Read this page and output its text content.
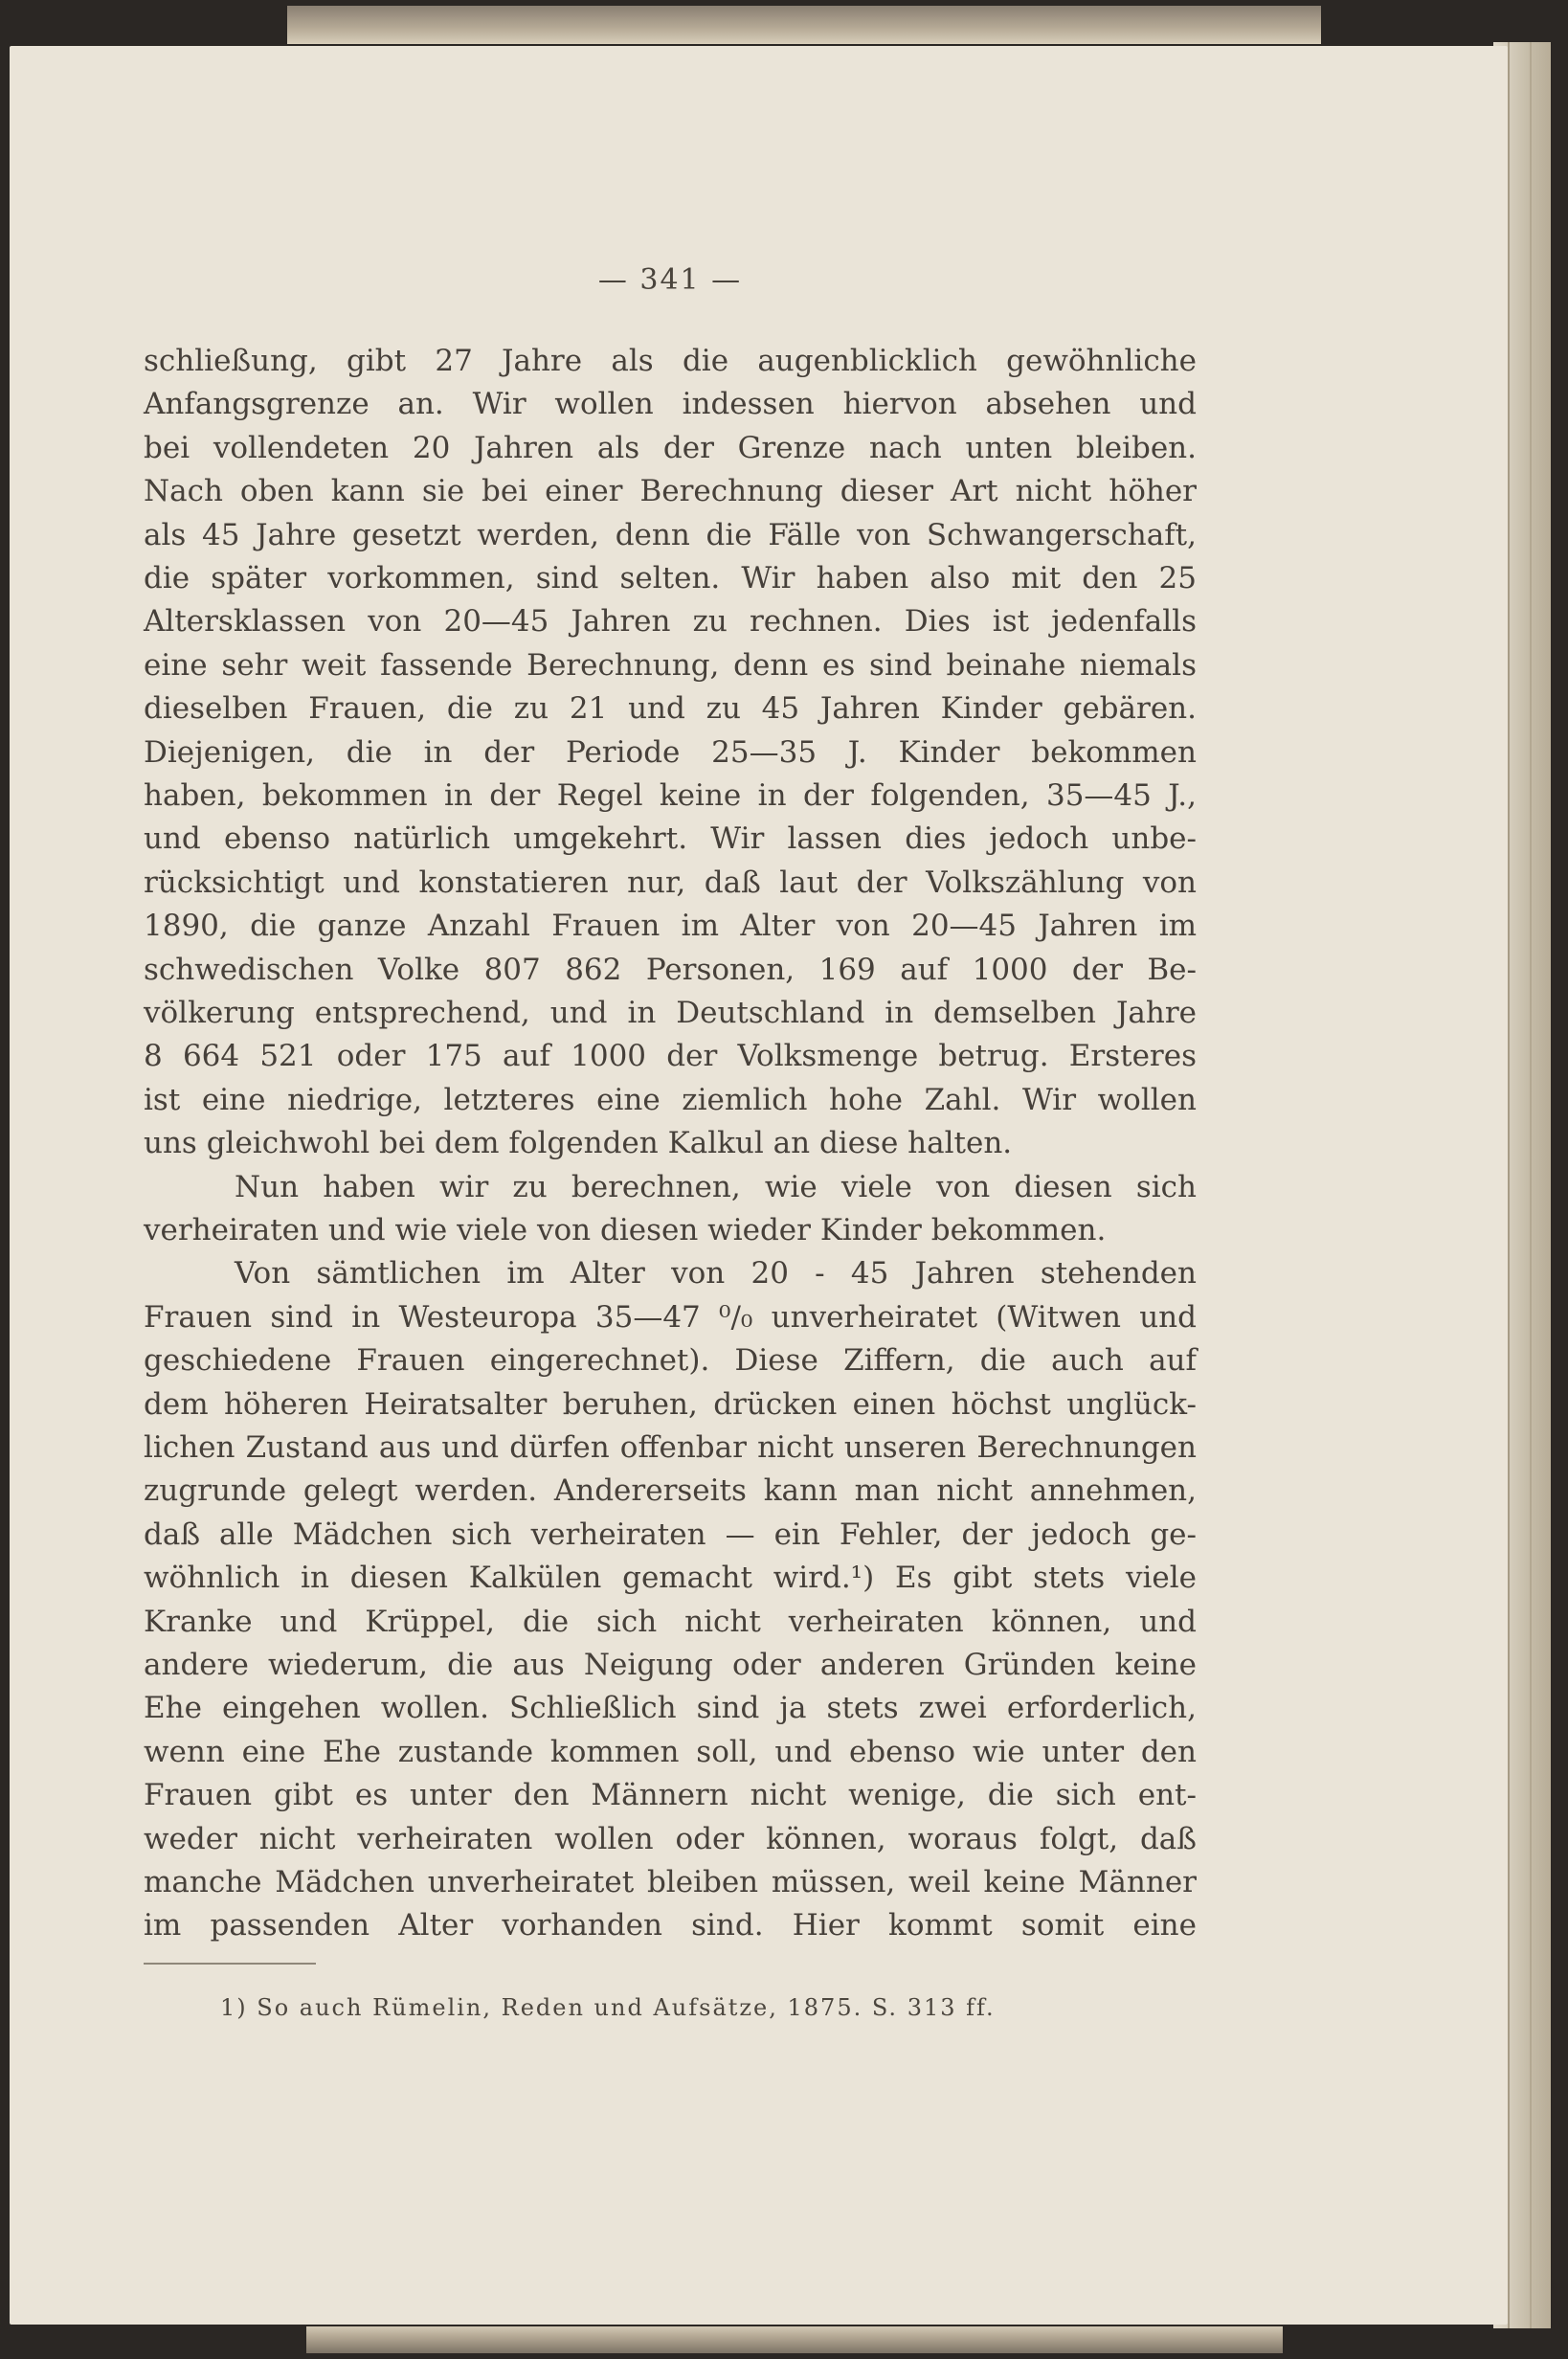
— 341 —
schließung, gibt 27 Jahre als die augenblicklich gewöhnliche
Anfangsgrenze an. Wir wollen indessen hiervon absehen und
bei vollendeten 20 Jahren als der Grenze nach unten bleiben.
Nach oben kann sie bei einer Berechnung dieser Art nicht höher
als 45 Jahre gesetzt werden, denn die Fälle von Schwangerschaft,
die später vorkommen, sind selten. Wir haben also mit den 25
Altersklassen von 20—45 Jahren zu rechnen. Dies ist jedenfalls
eine sehr weit fassende Berechnung, denn es sind beinahe niemals
dieselben Frauen, die zu 21 und zu 45 Jahren Kinder gebären.
Diejenigen, die in der Periode 25—35 J. Kinder bekommen
haben, bekommen in der Regel keine in der folgenden, 35—45 J.,
und ebenso natürlich umgekehrt. Wir lassen dies jedoch unbe-
rücksichtigt und konstatieren nur, daß laut der Volkszählung von
1890, die ganze Anzahl Frauen im Alter von 20—45 Jahren im
schwedischen Volke 807 862 Personen, 169 auf 1000 der Be-
völkerung entsprechend, und in Deutschland in demselben Jahre
8 664 521 oder 175 auf 1000 der Volksmenge betrug. Ersteres
ist eine niedrige, letzteres eine ziemlich hohe Zahl. Wir wollen
uns gleichwohl bei dem folgenden Kalkul an diese halten.
Nun haben wir zu berechnen, wie viele von diesen sich
verheiraten und wie viele von diesen wieder Kinder bekommen.
Von sämtlichen im Alter von 20 - 45 Jahren stehenden
Frauen sind in Westeuropa 35—47 ⁰/₀ unverheiratet (Witwen und
geschiedene Frauen eingerechnet). Diese Ziffern, die auch auf
dem höheren Heiratsalter beruhen, drücken einen höchst unglück-
lichen Zustand aus und dürfen offenbar nicht unseren Berechnungen
zugrunde gelegt werden. Andererseits kann man nicht annehmen,
daß alle Mädchen sich verheiraten — ein Fehler, der jedoch ge-
wöhnlich in diesen Kalkülen gemacht wird.¹) Es gibt stets viele
Kranke und Krüppel, die sich nicht verheiraten können, und
andere wiederum, die aus Neigung oder anderen Gründen keine
Ehe eingehen wollen. Schließlich sind ja stets zwei erforderlich,
wenn eine Ehe zustande kommen soll, und ebenso wie unter den
Frauen gibt es unter den Männern nicht wenige, die sich ent-
weder nicht verheiraten wollen oder können, woraus folgt, daß
manche Mädchen unverheiratet bleiben müssen, weil keine Männer
im passenden Alter vorhanden sind. Hier kommt somit eine
1) So auch Rümelin, Reden und Aufsätze, 1875. S. 313 ff.
